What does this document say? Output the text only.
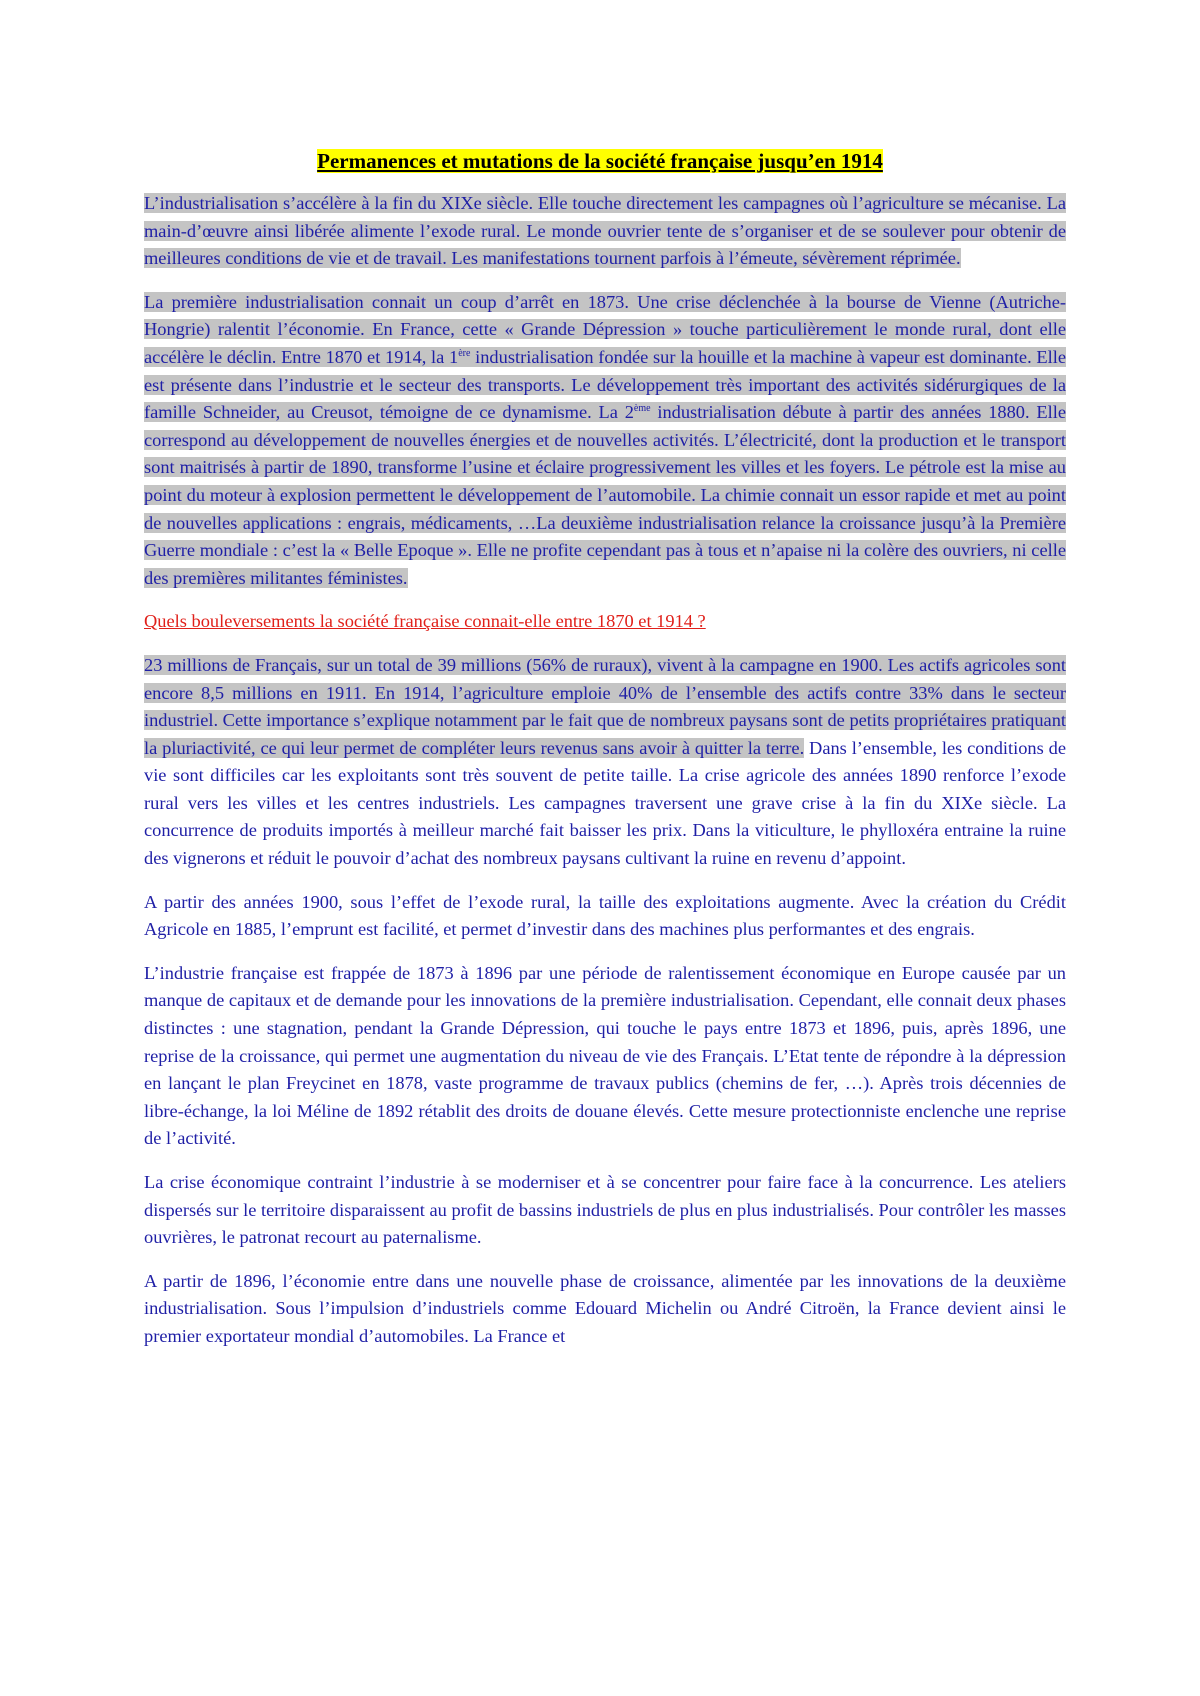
Permanences et mutations de la société française jusqu’en 1914

L’industrialisation s’accélère à la fin du XIXe siècle. Elle touche directement les campagnes où l’agriculture se mécanise. La main-d’œuvre ainsi libérée alimente l’exode rural. Le monde ouvrier tente de s’organiser et de se soulever pour obtenir de meilleures conditions de vie et de travail. Les manifestations tournent parfois à l’émeute, sévèrement réprimée.

La première industrialisation connait un coup d’arrêt en 1873. Une crise déclenchée à la bourse de Vienne (Autriche-Hongrie) ralentit l’économie. En France, cette « Grande Dépression » touche particulièrement le monde rural, dont elle accélère le déclin. Entre 1870 et 1914, la 1ère industrialisation fondée sur la houille et la machine à vapeur est dominante. Elle est présente dans l’industrie et le secteur des transports. Le développement très important des activités sidérurgiques de la famille Schneider, au Creusot, témoigne de ce dynamisme. La 2ème industrialisation débute à partir des années 1880. Elle correspond au développement de nouvelles énergies et de nouvelles activités. L’électricité, dont la production et le transport sont maitrisés à partir de 1890, transforme l’usine et éclaire progressivement les villes et les foyers. Le pétrole est la mise au point du moteur à explosion permettent le développement de l’automobile. La chimie connait un essor rapide et met au point de nouvelles applications : engrais, médicaments, …La deuxième industrialisation relance la croissance jusqu’à la Première Guerre mondiale : c’est la « Belle Epoque ». Elle ne profite cependant pas à tous et n’apaise ni la colère des ouvriers, ni celle des premières militantes féministes.

Quels bouleversements la société française connait-elle entre 1870 et 1914 ?

23 millions de Français, sur un total de 39 millions (56% de ruraux), vivent à la campagne en 1900. Les actifs agricoles sont encore 8,5 millions en 1911. En 1914, l’agriculture emploie 40% de l’ensemble des actifs contre 33% dans le secteur industriel. Cette importance s’explique notamment par le fait que de nombreux paysans sont de petits propriétaires pratiquant la pluriactivité, ce qui leur permet de compléter leurs revenus sans avoir à quitter la terre. Dans l’ensemble, les conditions de vie sont difficiles car les exploitants sont très souvent de petite taille. La crise agricole des années 1890 renforce l’exode rural vers les villes et les centres industriels. Les campagnes traversent une grave crise à la fin du XIXe siècle. La concurrence de produits importés à meilleur marché fait baisser les prix. Dans la viticulture, le phylloxéra entraine la ruine des vignerons et réduit le pouvoir d’achat des nombreux paysans cultivant la ruine en revenu d’appoint.

A partir des années 1900, sous l’effet de l’exode rural, la taille des exploitations augmente. Avec la création du Crédit Agricole en 1885, l’emprunt est facilité, et permet d’investir dans des machines plus performantes et des engrais.

L’industrie française est frappée de 1873 à 1896 par une période de ralentissement économique en Europe causée par un manque de capitaux et de demande pour les innovations de la première industrialisation. Cependant, elle connait deux phases distinctes : une stagnation, pendant la Grande Dépression, qui touche le pays entre 1873 et 1896, puis, après 1896, une reprise de la croissance, qui permet une augmentation du niveau de vie des Français. L’Etat tente de répondre à la dépression en lançant le plan Freycinet en 1878, vaste programme de travaux publics (chemins de fer, …). Après trois décennies de libre-échange, la loi Méline de 1892 rétablit des droits de douane élevés. Cette mesure protectionniste enclenche une reprise de l’activité.

La crise économique contraint l’industrie à se moderniser et à se concentrer pour faire face à la concurrence. Les ateliers dispersés sur le territoire disparaissent au profit de bassins industriels de plus en plus industrialisés. Pour contrôler les masses ouvrières, le patronat recourt au paternalisme.

A partir de 1896, l’économie entre dans une nouvelle phase de croissance, alimentée par les innovations de la deuxième industrialisation. Sous l’impulsion d’industriels comme Edouard Michelin ou André Citroën, la France devient ainsi le premier exportateur mondial d’automobiles. La France et
